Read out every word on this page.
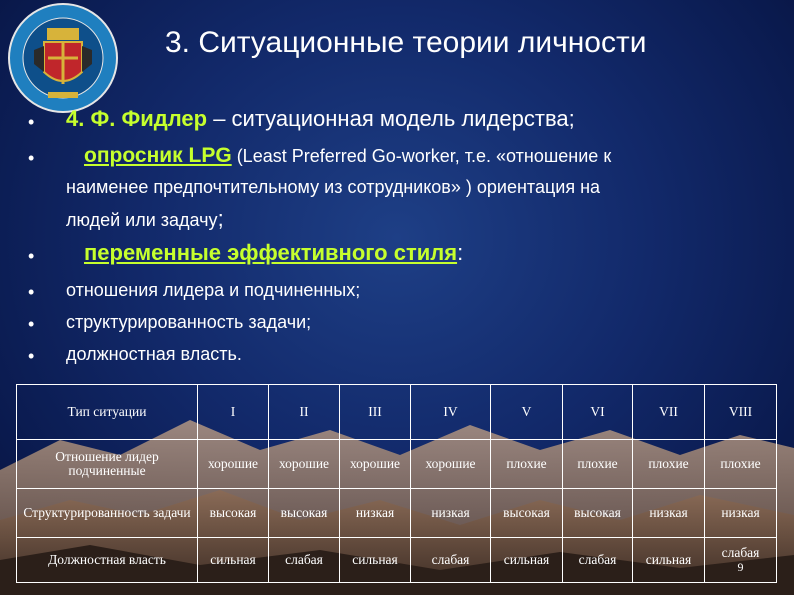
3. Ситуационные теории личности
• 4. Ф. Фидлер – ситуационная модель лидерства;
• опросник LPG (Least Preferred Go-worker, т.е. «отношение к
наименее предпочтительному из сотрудников» ) ориентация на
людей или задачу;
• переменные эффективного стиля:
• отношения лидера и подчиненных;
• структурированность задачи;
• должностная власть.
Тип ситуации	I	II	III	IV	V	VI	VII	VIII
Отношение лидер подчиненные	хорошие	хорошие	хорошие	хорошие	плохие	плохие	плохие	плохие
Структурированность задачи	высокая	высокая	низкая	низкая	высокая	высокая	низкая	низкая
Должностная власть	сильная	слабая	сильная	слабая	сильная	слабая	сильная	слабая
9
